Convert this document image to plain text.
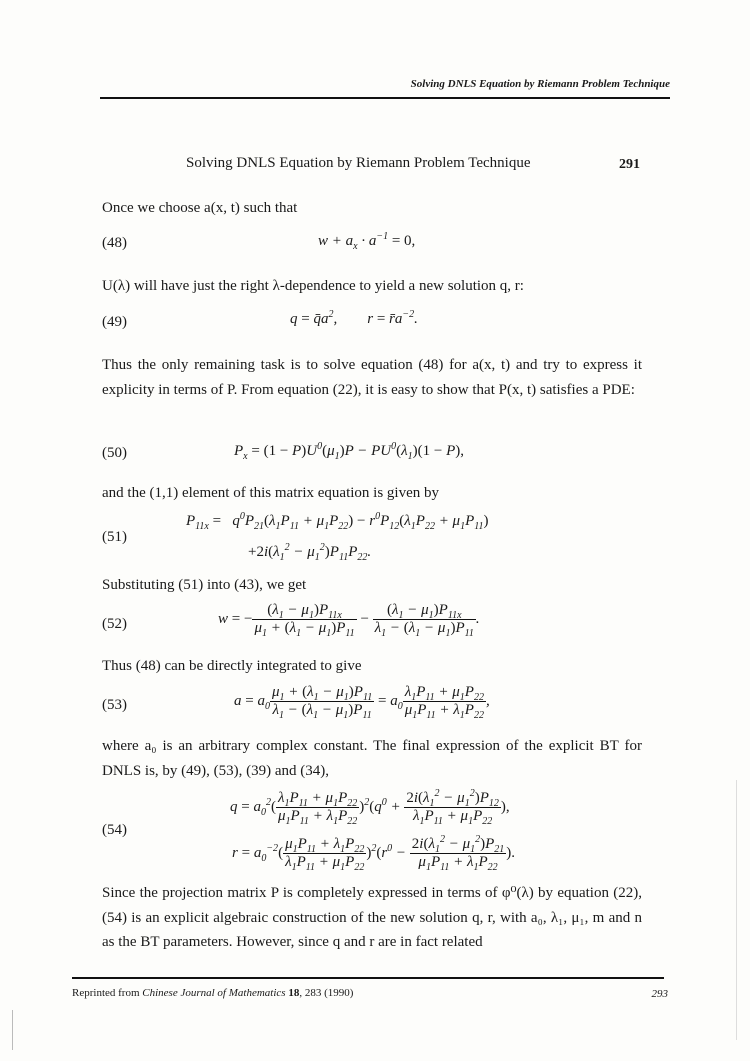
Solving DNLS Equation by Riemann Problem Technique
Solving DNLS Equation by Riemann Problem Technique	291
Once we choose a(x, t) such that
(48)	$w + a_x \cdot a^{-1} = 0$,
U(λ) will have just the right λ-dependence to yield a new solution q, r:
(49)	$q = q̄̄a^2$,        $r = r̄̄a^{-2}$.
Thus the only remaining task is to solve equation (48) for a(x, t) and try to express it explicity in terms of P. From equation (22), it is easy to show that P(x, t) satisfies a PDE:
(50)	$P_x = (1 - P)U^0(\mu_1)P - PU^0(\lambda_1)(1 - P)$,
and the (1,1) element of this matrix equation is given by
(51)
$P_{11x} = q^0P_{21}(\lambda_1P_{11} + \mu_1P_{22}) - r^0P_{12}(\lambda_1P_{22} + \mu_1P_{11})$
$+2i(\lambda_1^2 - \mu_1^2)P_{11}P_{22}$.
Substituting (51) into (43), we get
(52)	w = − $\frac{(\lambda_1 - \mu_1)P_{11x}}{\mu_1 + (\lambda_1 - \mu_1)P_{11}} - \frac{(\lambda_1 - \mu_1)P_{11x}}{\lambda_1 - (\lambda_1 - \mu_1)P_{11}}$ .
Thus (48) can be directly integrated to give
(53)	$a = a_0 \frac{\mu_1 + (\lambda_1 - \mu_1)P_{11}}{\lambda_1 - (\lambda_1 - \mu_1)P_{11}} = a_0 \frac{\lambda_1P_{11} + \mu_1P_{22}}{\mu_1P_{11} + \lambda_1P_{22}}$ ,
where a₀ is an arbitrary complex constant. The final expression of the explicit BT for DNLS is, by (49), (53), (39) and (34),
(54)
$q = a_0^2( \frac{\lambda_1P_{11} + \mu_1P_{22}}{\mu_1P_{11} + \lambda_1P_{22}} )^2(q^0 + \frac{2i(\lambda_1^2 - \mu_1^2)P_{12}}{\lambda_1P_{11} + \mu_1P_{22}}$ ),
$r = a_0^{-2}( \frac{\mu_1P_{11} + \lambda_1P_{22}}{\lambda_1P_{11} + \mu_1P_{22}} )^2(r^0 - \frac{2i(\lambda_1^2 - \mu_1^2)P_{21}}{\mu_1P_{11} + \lambda_1P_{22}}$ ).
Since the projection matrix P is completely expressed in terms of φ⁰(λ) by equation (22), (54) is an explicit algebraic construction of the new solution q, r, with a₀, λ₁, μ₁, m and n as the BT parameters. However, since q and r are in fact related
Reprinted from Chinese Journal of Mathematics 18, 283 (1990)	293
